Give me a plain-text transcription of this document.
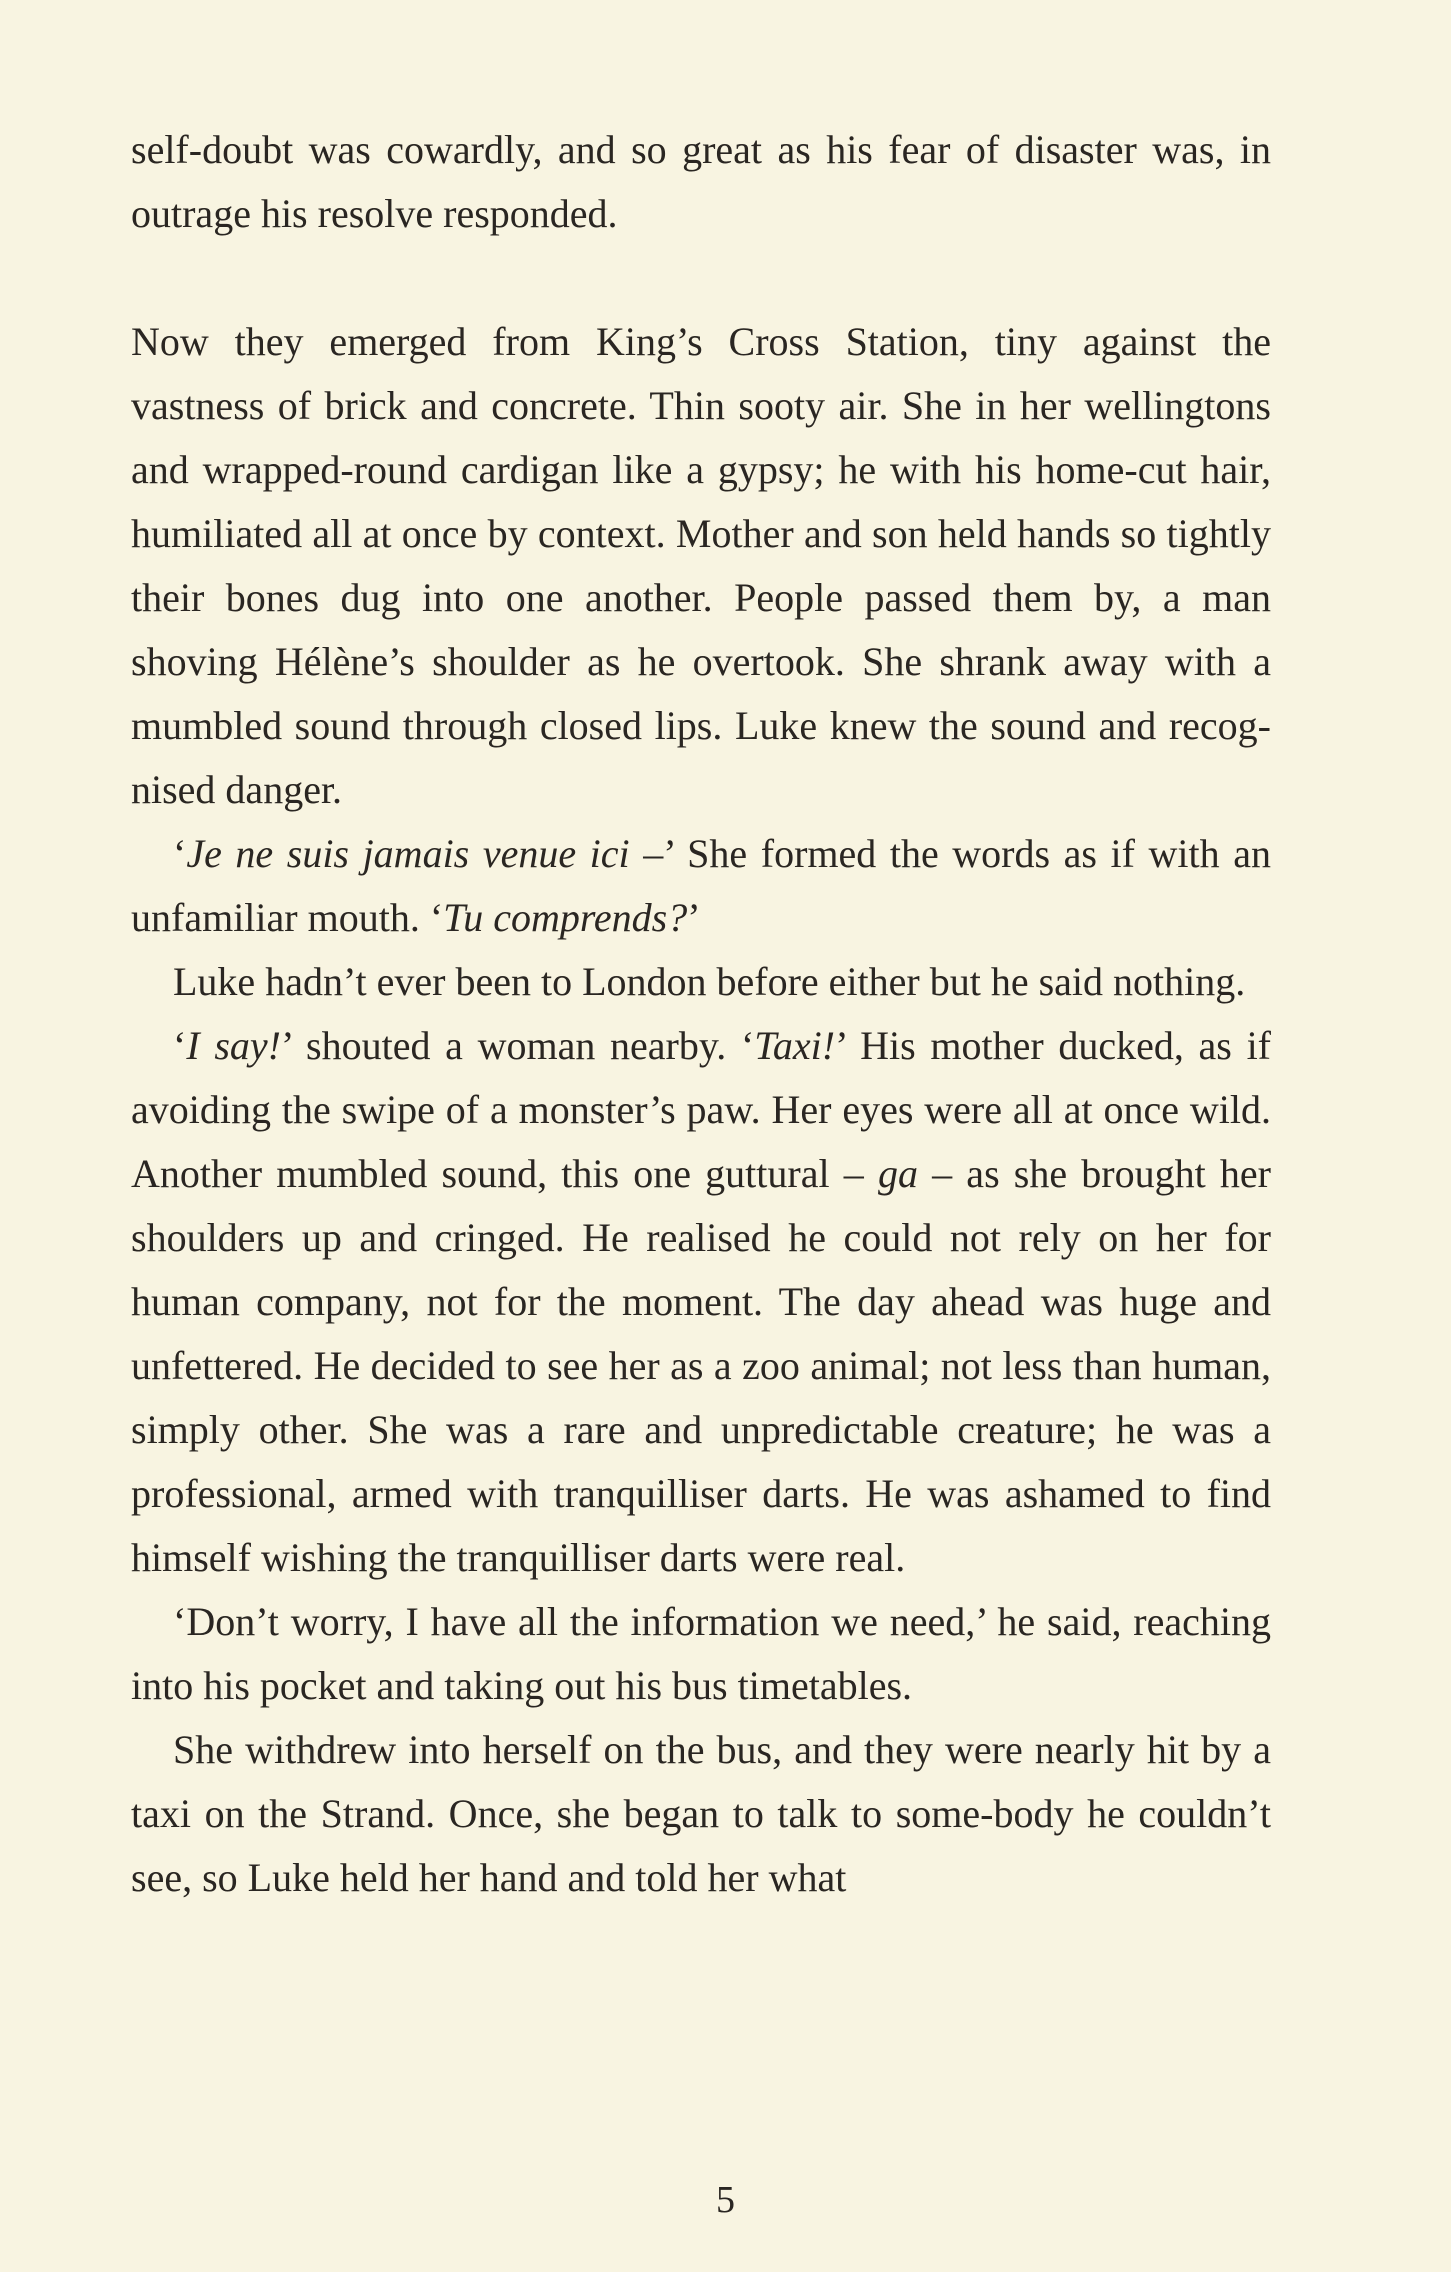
self-doubt was cowardly, and so great as his fear of disaster was, in outrage his resolve responded.

Now they emerged from King’s Cross Station, tiny against the vastness of brick and concrete. Thin sooty air. She in her wellingtons and wrapped-round cardigan like a gypsy; he with his home-cut hair, humiliated all at once by context. Mother and son held hands so tightly their bones dug into one another. People passed them by, a man shoving Hélène’s shoulder as he overtook. She shrank away with a mumbled sound through closed lips. Luke knew the sound and recog-nised danger.

‘Je ne suis jamais venue ici –’ She formed the words as if with an unfamiliar mouth. ‘Tu comprends?’

Luke hadn’t ever been to London before either but he said nothing.

‘I say!’ shouted a woman nearby. ‘Taxi!’ His mother ducked, as if avoiding the swipe of a monster’s paw. Her eyes were all at once wild. Another mumbled sound, this one guttural – ga – as she brought her shoulders up and cringed. He realised he could not rely on her for human company, not for the moment. The day ahead was huge and unfettered. He decided to see her as a zoo animal; not less than human, simply other. She was a rare and unpredictable creature; he was a professional, armed with tranquilliser darts. He was ashamed to find himself wishing the tranquilliser darts were real.

‘Don’t worry, I have all the information we need,’ he said, reaching into his pocket and taking out his bus timetables.

She withdrew into herself on the bus, and they were nearly hit by a taxi on the Strand. Once, she began to talk to some-body he couldn’t see, so Luke held her hand and told her what

5
